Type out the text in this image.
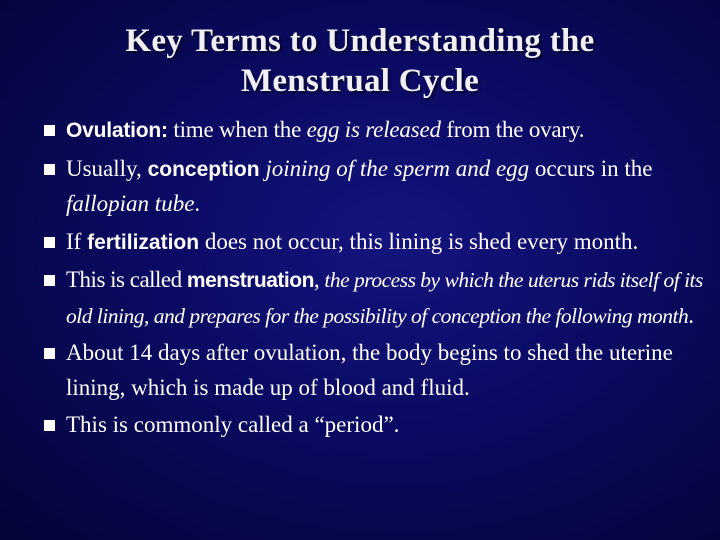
Key Terms to Understanding the
Menstrual Cycle
Ovulation: time when the egg is released from the ovary.
Usually, conception joining of the sperm and egg occurs in the fallopian tube.
If fertilization does not occur, this lining is shed every month.
This is called menstruation, the process by which the uterus rids itself of its old lining, and prepares for the possibility of conception the following month.
About 14 days after ovulation, the body begins to shed the uterine lining, which is made up of blood and fluid.
This is commonly called a “period”.
